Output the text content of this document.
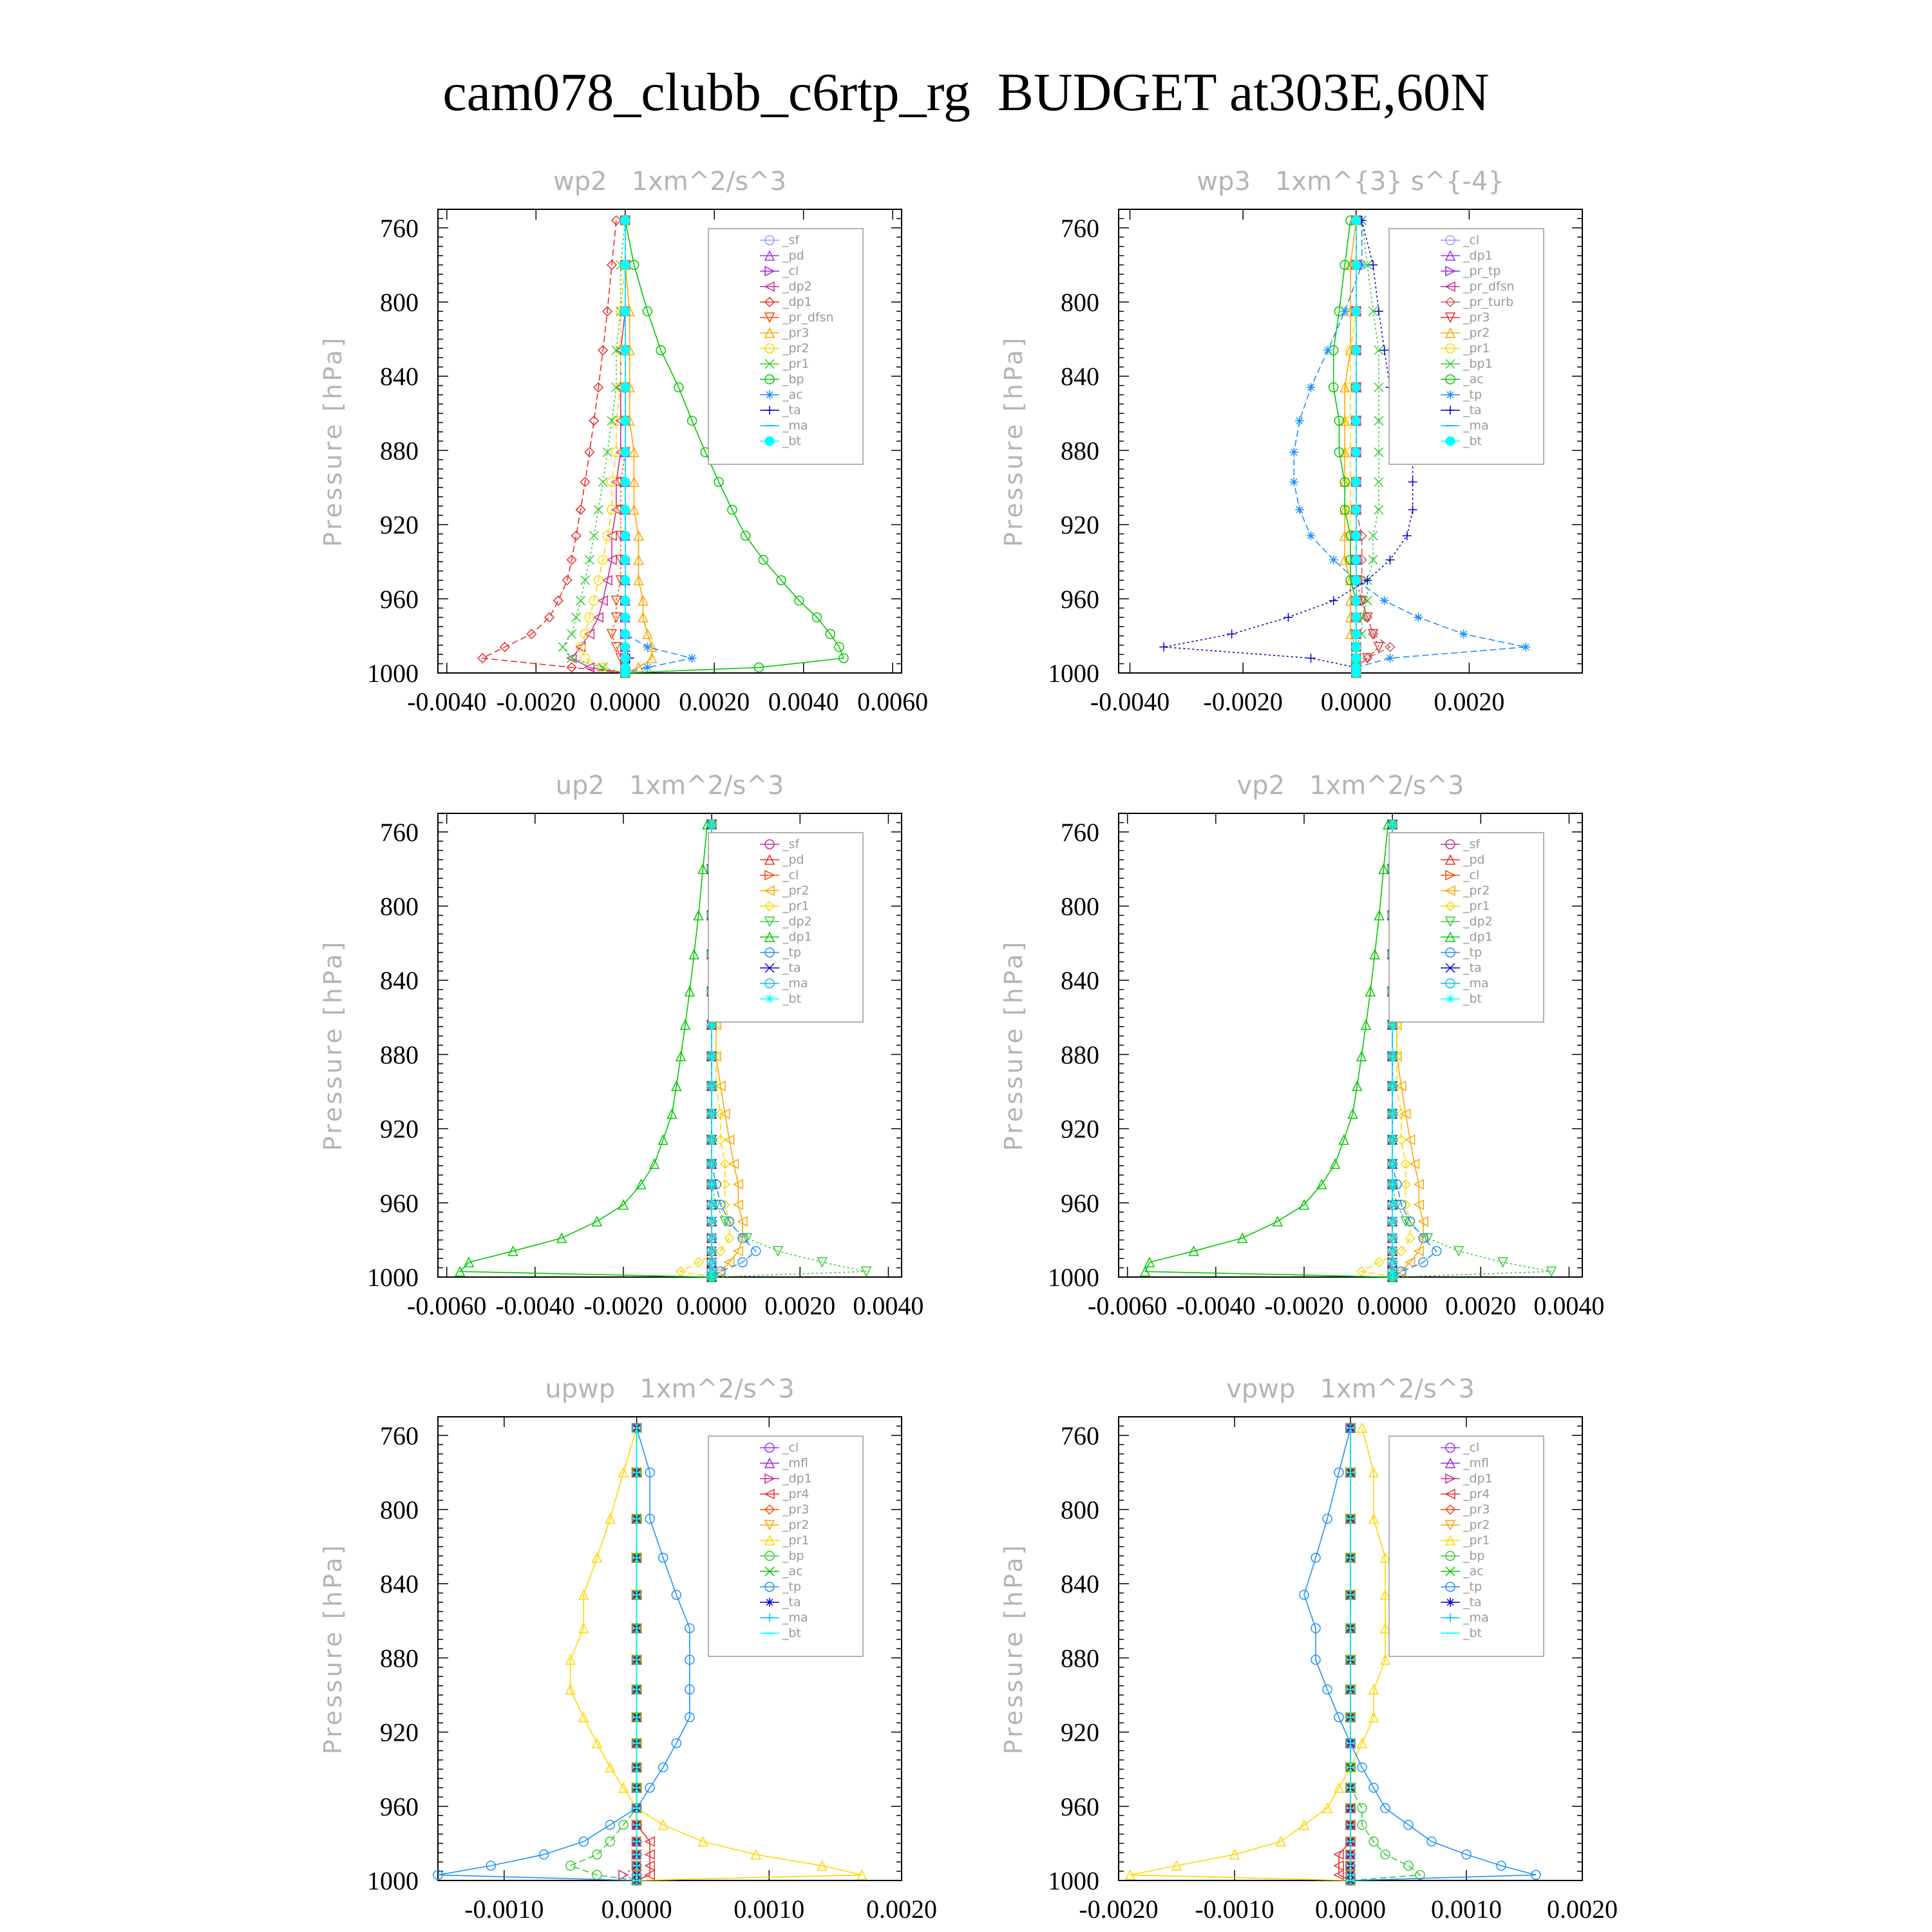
cam078_clubb_c6rtp_rg  BUDGET at303E,60N
wp2   1xm^2/s^3
Pressure [hPa]
760
800
840
880
920
960
1000
-0.0040 -0.0020 0.0000 0.0020 0.0040 0.0060
_sf
_pd
_cl
_dp2
_dp1
_pr_dfsn
_pr3
_pr2
_pr1
_bp
_ac
_ta
_ma
_bt
wp3   1xm^{3} s^{-4}
Pressure [hPa]
760
800
840
880
920
960
1000
-0.0040 -0.0020 0.0000 0.0020
_cl
_dp1
_pr_tp
_pr_dfsn
_pr_turb
_pr3
_pr2
_pr1
_bp1
_ac
_tp
_ta
_ma
_bt
up2   1xm^2/s^3
Pressure [hPa]
760
800
840
880
920
960
1000
-0.0060 -0.0040 -0.0020 0.0000 0.0020 0.0040
_sf
_pd
_cl
_pr2
_pr1
_dp2
_dp1
_tp
_ta
_ma
_bt
vp2   1xm^2/s^3
Pressure [hPa]
760
800
840
880
920
960
1000
-0.0060 -0.0040 -0.0020 0.0000 0.0020 0.0040
_sf
_pd
_cl
_pr2
_pr1
_dp2
_dp1
_tp
_ta
_ma
_bt
upwp   1xm^2/s^3
Pressure [hPa]
760
800
840
880
920
960
1000
-0.0010 0.0000 0.0010 0.0020
_cl
_mfl
_dp1
_pr4
_pr3
_pr2
_pr1
_bp
_ac
_tp
_ta
_ma
_bt
vpwp   1xm^2/s^3
Pressure [hPa]
760
800
840
880
920
960
1000
-0.0020 -0.0010 0.0000 0.0010 0.0020
_cl
_mfl
_dp1
_pr4
_pr3
_pr2
_pr1
_bp
_ac
_tp
_ta
_ma
_bt
